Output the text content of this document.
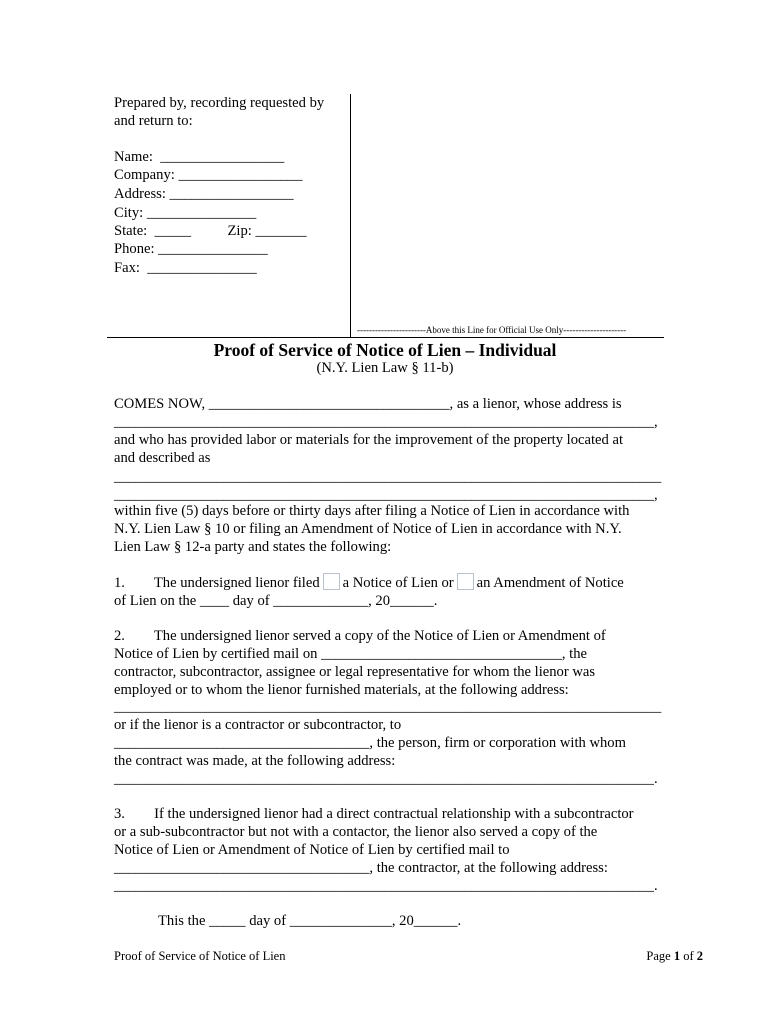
Prepared by, recording requested by
and return to:
Name:  _________________
Company: _________________
Address: _________________
City: _______________
State:  _____          Zip: _______
Phone: _______________
Fax:  _______________
-----------------------Above this Line for Official Use Only---------------------
Proof of Service of Notice of Lien – Individual
(N.Y. Lien Law § 11-b)
COMES NOW, _________________________________, as a lienor, whose address is
__________________________________________________________________________,
and who has provided labor or materials for the improvement of the property located at
and described as
___________________________________________________________________________
__________________________________________________________________________,
within five (5) days before or thirty days after filing a Notice of Lien in accordance with
N.Y. Lien Law § 10 or filing an Amendment of Notice of Lien in accordance with N.Y.
Lien Law § 12-a party and states the following:
1. The undersigned lienor filed a Notice of Lien or an Amendment of Notice
of Lien on the ____ day of _____________, 20______.
2. The undersigned lienor served a copy of the Notice of Lien or Amendment of
Notice of Lien by certified mail on _________________________________, the
contractor, subcontractor, assignee or legal representative for whom the lienor was
employed or to whom the lienor furnished materials, at the following address:
___________________________________________________________________________
or if the lienor is a contractor or subcontractor, to
___________________________________, the person, firm or corporation with whom
the contract was made, at the following address:
__________________________________________________________________________.
3. If the undersigned lienor had a direct contractual relationship with a subcontractor
or a sub-subcontractor but not with a contactor, the lienor also served a copy of the
Notice of Lien or Amendment of Notice of Lien by certified mail to
___________________________________, the contractor, at the following address:
__________________________________________________________________________.
This the _____ day of ______________, 20______.
Proof of Service of Notice of Lien	Page 1 of 2
